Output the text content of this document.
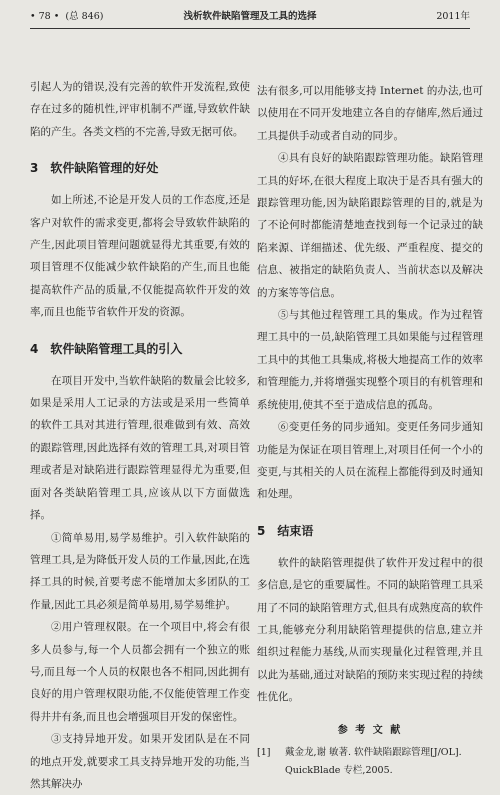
• 78 • (总 846)	浅析软件缺陷管理及工具的选择	2011年

引起人为的错误,没有完善的软件开发流程,致使存在过多的随机性,评审机制不严谨,导致软件缺陷的产生。各类文档的不完善,导致无据可依。

3 软件缺陷管理的好处

如上所述,不论是开发人员的工作态度,还是客户对软件的需求变更,都将会导致软件缺陷的产生,因此项目管理问题就显得尤其重要,有效的项目管理不仅能减少软件缺陷的产生,而且也能提高软件产品的质量,不仅能提高软件开发的效率,而且也能节省软件开发的资源。

4 软件缺陷管理工具的引入

在项目开发中,当软件缺陷的数量会比较多,如果是采用人工记录的方法或是采用一些简单的软件工具对其进行管理,很难做到有效、高效的跟踪管理,因此选择有效的管理工具,对项目管理或者是对缺陷进行跟踪管理显得尤为重要,但面对各类缺陷管理工具,应该从以下方面做选择。

①简单易用,易学易维护。引入软件缺陷的管理工具,是为降低开发人员的工作量,因此,在选择工具的时候,首要考虑不能增加太多团队的工作量,因此工具必须是简单易用,易学易维护。

②用户管理权限。在一个项目中,将会有很多人员参与,每一个人员都会拥有一个独立的账号,而且每一个人员的权限也各不相同,因此拥有良好的用户管理权限功能,不仅能使管理工作变得井井有条,而且也会增强项目开发的保密性。

③支持异地开发。如果开发团队是在不同的地点开发,就要求工具支持异地开发的功能,当然其解决办

法有很多,可以用能够支持 Internet 的办法,也可以使用在不同开发地建立各自的存储库,然后通过工具提供手动或者自动的同步。

④具有良好的缺陷跟踪管理功能。缺陷管理工具的好坏,在很大程度上取决于是否具有强大的跟踪管理功能,因为缺陷跟踪管理的目的,就是为了不论何时都能清楚地查找到每一个记录过的缺陷来源、详细描述、优先级、严重程度、提交的信息、被指定的缺陷负责人、当前状态以及解决的方案等等信息。

⑤与其他过程管理工具的集成。作为过程管理工具中的一员,缺陷管理工具如果能与过程管理工具中的其他工具集成,将极大地提高工作的效率和管理能力,并将增强实现整个项目的有机管理和系统使用,使其不至于造成信息的孤岛。

⑥变更任务的同步通知。变更任务同步通知功能是为保证在项目管理上,对项目任何一个小的变更,与其相关的人员在流程上都能得到及时通知和处理。

5 结束语

软件的缺陷管理提供了软件开发过程中的很多信息,是它的重要属性。不同的缺陷管理工具采用了不同的缺陷管理方式,但具有成熟度高的软件工具,能够充分利用缺陷管理提供的信息,建立并组织过程能力基线,从而实现量化过程管理,并且以此为基础,通过对缺陷的预防来实现过程的持续性优化。

参 考 文 献
[1]	戴金龙,谢 敏著. 软件缺陷跟踪管理[J/OL]. QuickBlade 专栏,2005.
